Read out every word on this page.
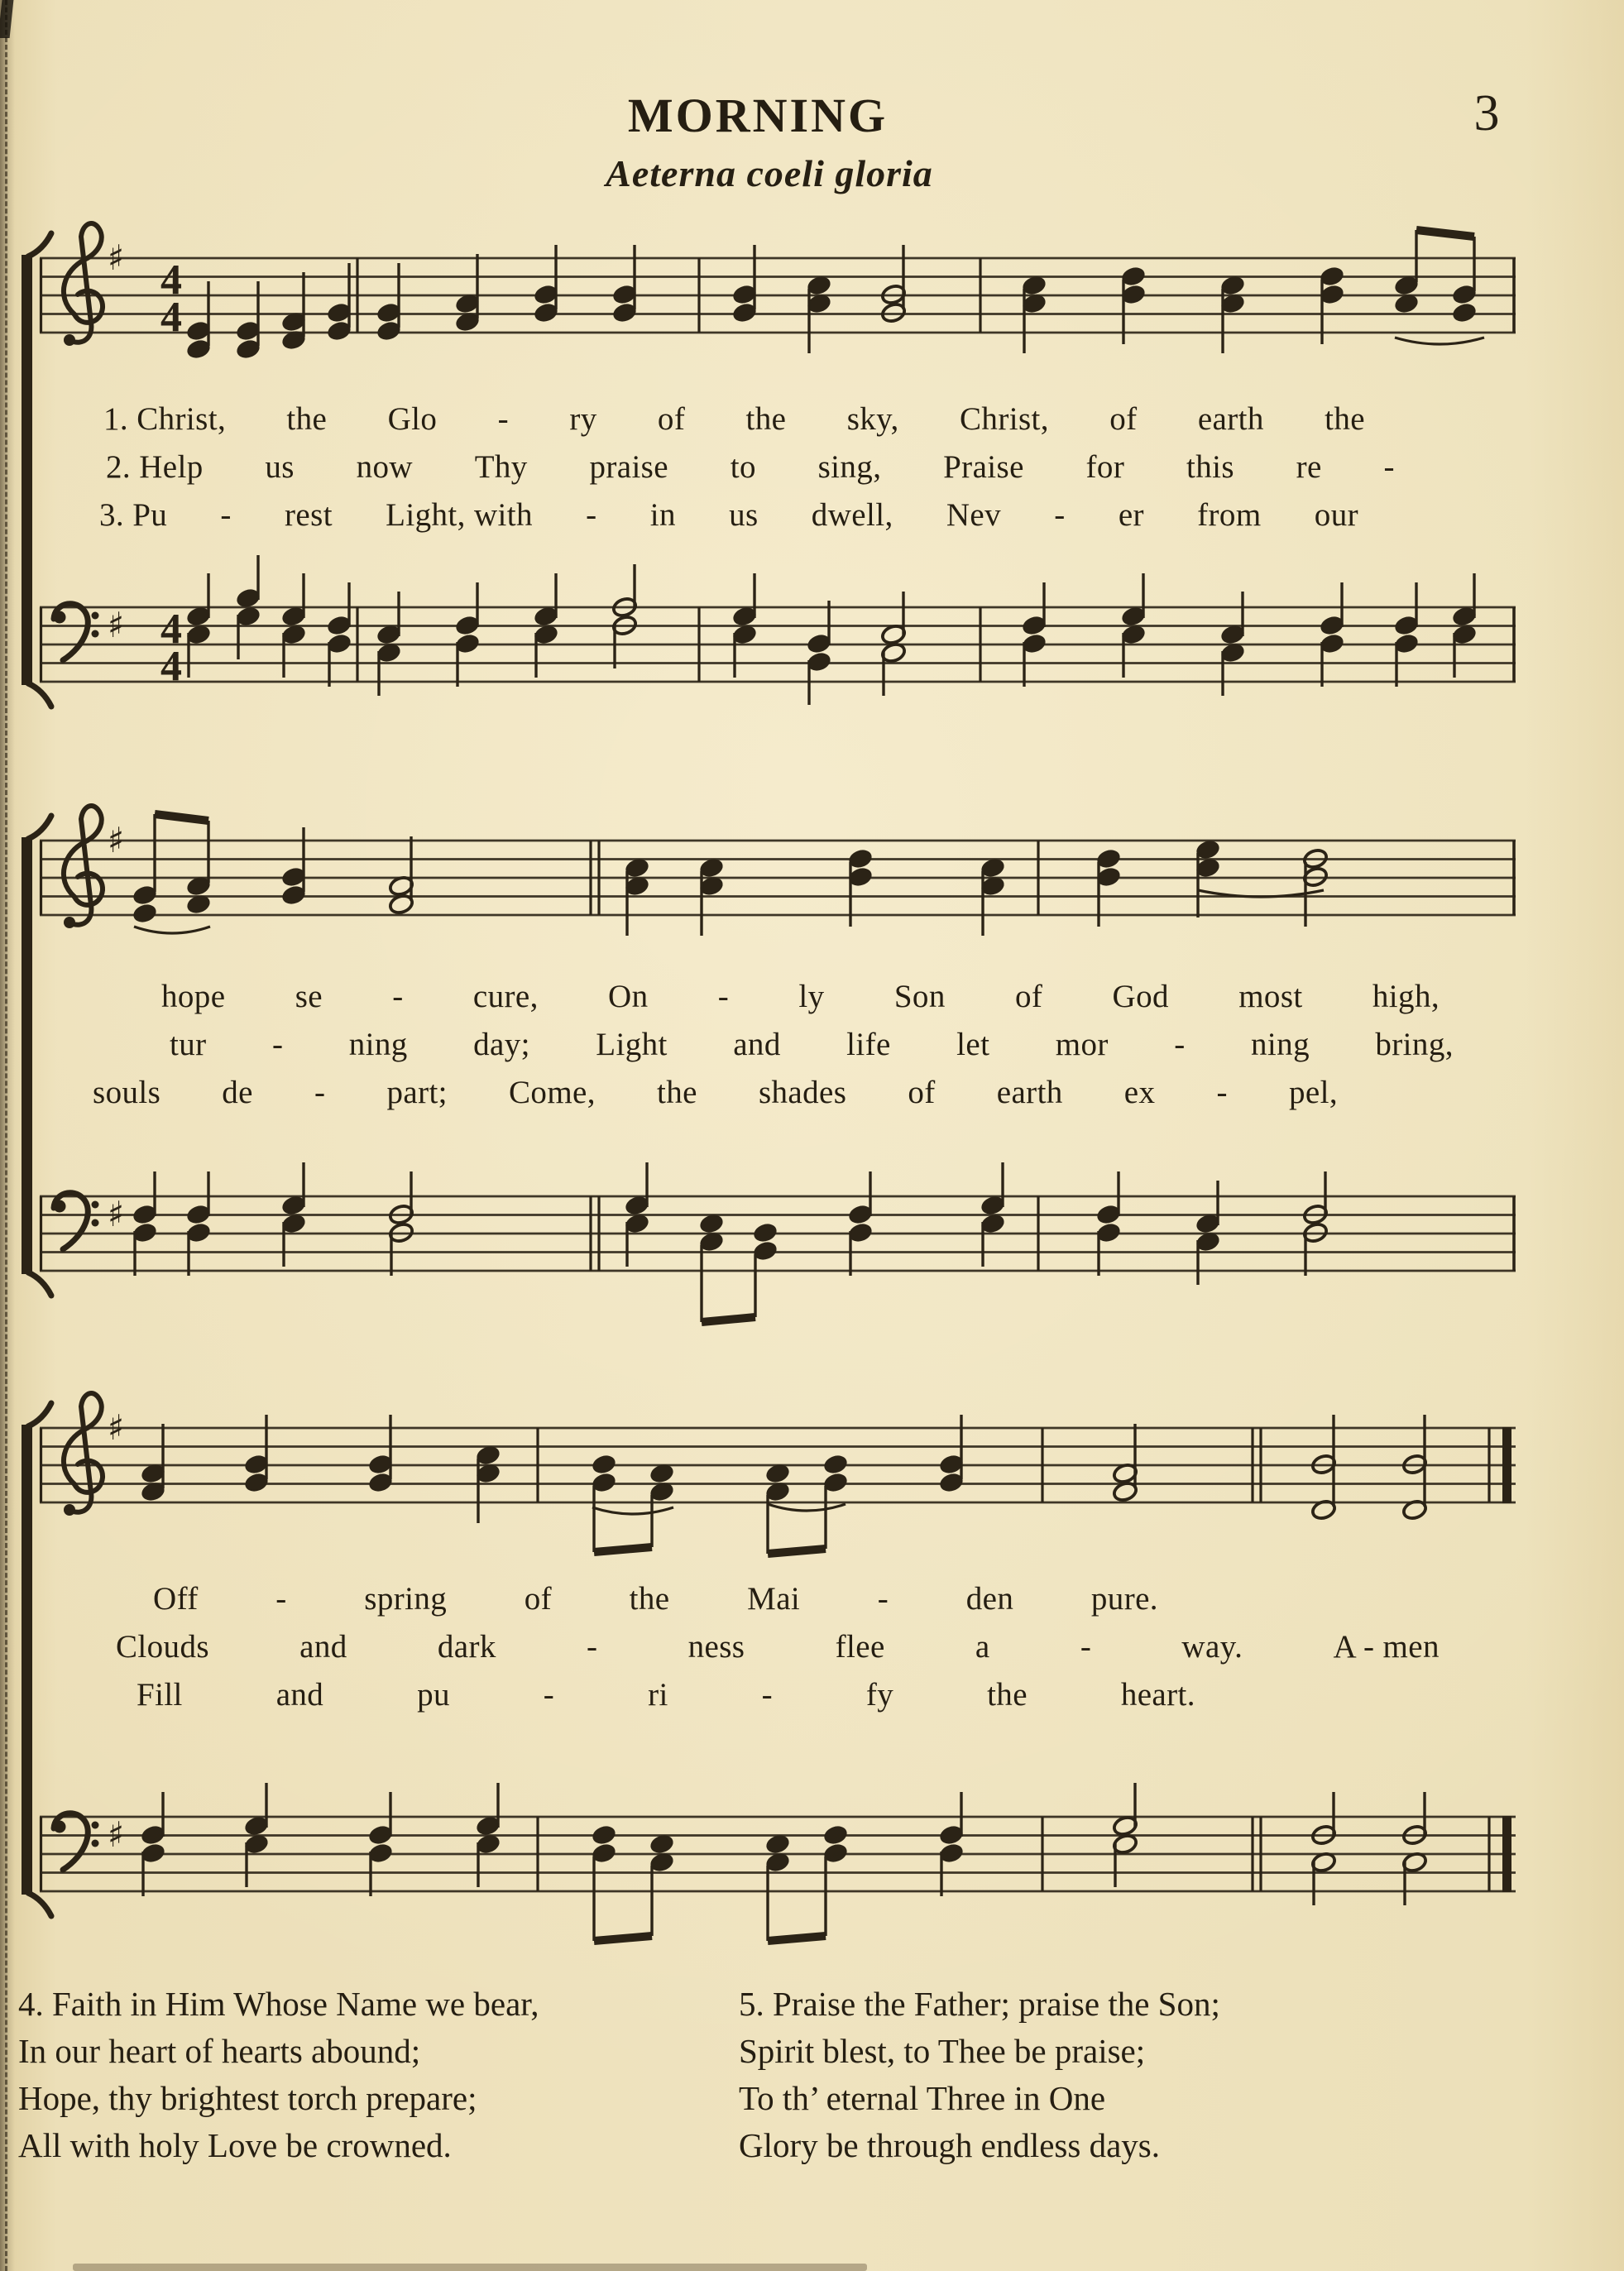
♯ 4
4
♯ 4
4
♯
♯
♯
♯
MORNING
Aeterna coeli gloria
3
1. Christ, the Glo - ry of the sky, Christ, of earth the
2. Help us now Thy praise to sing, Praise for this re -
3. Pu - rest Light, with - in us dwell, Nev - er from our
hope se - cure, On - ly Son of God most high,
tur - ning day; Light and life let mor - ning bring,
souls de - part; Come, the shades of earth ex - pel,
Off - spring of the Mai - den pure.
Clouds	and	dark	-	ness	flee	a	-	way.	A - men
Fill	and	pu	-	ri	-	fy	the	heart.

4. Faith in Him Whose Name we bear,

In our heart of hearts abound;

Hope, thy brightest torch prepare;

All with holy Love be crowned.

5. Praise the Father; praise the Son;

Spirit blest, to Thee be praise;

To th’ eternal Three in One

Glory be through endless days.
